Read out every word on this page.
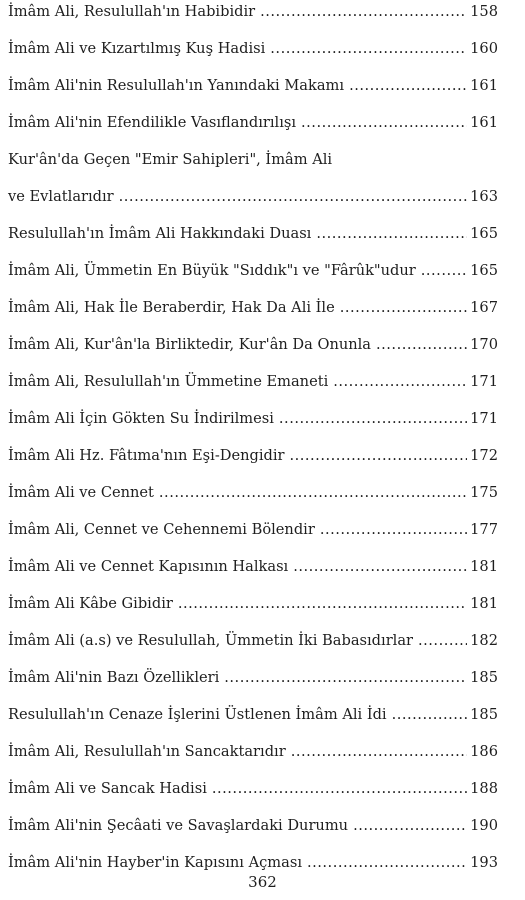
İmâm Ali, Resulullah'ın Habibidir .....	158
İmâm Ali ve Kızartılmış Kuş Hadisi .....	160
İmâm Ali'nin Resulullah'ın Yanındaki Makamı .....	161
İmâm Ali'nin Efendilikle Vasıflandırılışı .....	161
Kur'ân'da Geçen "Emir Sahipleri", İmâm Ali
ve Evlatlarıdır .....	163
Resulullah'ın İmâm Ali Hakkındaki Duası .....	165
İmâm Ali, Ümmetin En Büyük "Sıddık"ı ve "Fârûk"udur .....	165
İmâm Ali, Hak İle Beraberdir, Hak Da Ali İle .....	167
İmâm Ali, Kur'ân'la Birliktedir, Kur'ân Da Onunla .....	170
İmâm Ali, Resulullah'ın Ümmetine Emaneti .....	171
İmâm Ali İçin Gökten Su İndirilmesi .....	171
İmâm Ali Hz. Fâtıma'nın Eşi-Dengidir .....	172
İmâm Ali ve Cennet .....	175
İmâm Ali, Cennet ve Cehennemi Bölendir .....	177
İmâm Ali ve Cennet Kapısının Halkası .....	181
İmâm Ali Kâbe Gibidir .....	181
İmâm Ali (a.s) ve Resulullah, Ümmetin İki Babasıdırlar .....	182
İmâm Ali'nin Bazı Özellikleri .....	185
Resulullah'ın Cenaze İşlerini Üstlenen İmâm Ali İdi .....	185
İmâm Ali, Resulullah'ın Sancaktarıdır .....	186
İmâm Ali ve Sancak Hadisi .....	188
İmâm Ali'nin Şecâati ve Savaşlardaki Durumu .....	190
İmâm Ali'nin Hayber'in Kapısını Açması .....	193
362
